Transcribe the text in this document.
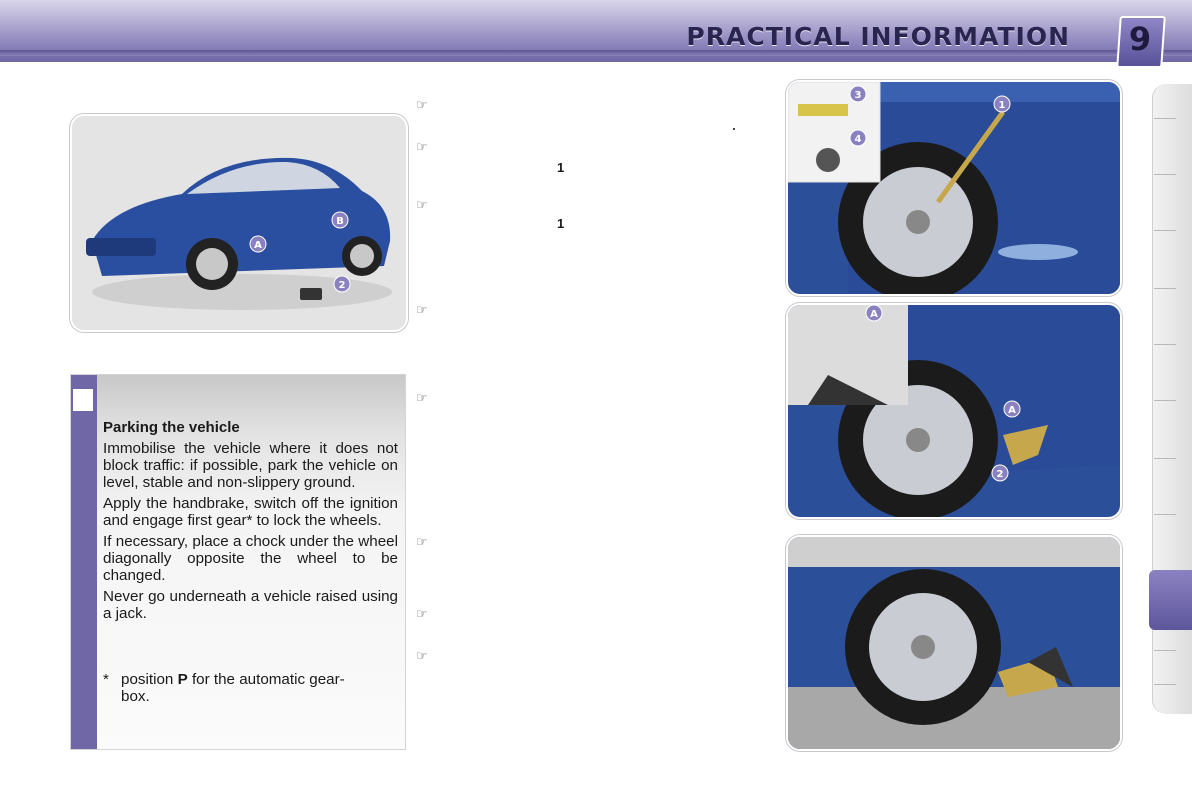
PRACTICAL INFORMATION	9
A
B
2

Parking the vehicle

Immobilise the vehicle where it does not block traffic: if possible, park the vehicle on level, stable and non-slippery ground.

Apply the handbrake, switch off the ignition and engage first gear* to lock the wheels.

If necessary, place a chock under the wheel diagonally opposite the wheel to be changed.

Never go underneath a vehicle raised using a jack.

* position P for the automatic gear-
box.
☞
☞
1
☞
1
☞
☞
☞
☞
☞
3
4
1
A
A
2
